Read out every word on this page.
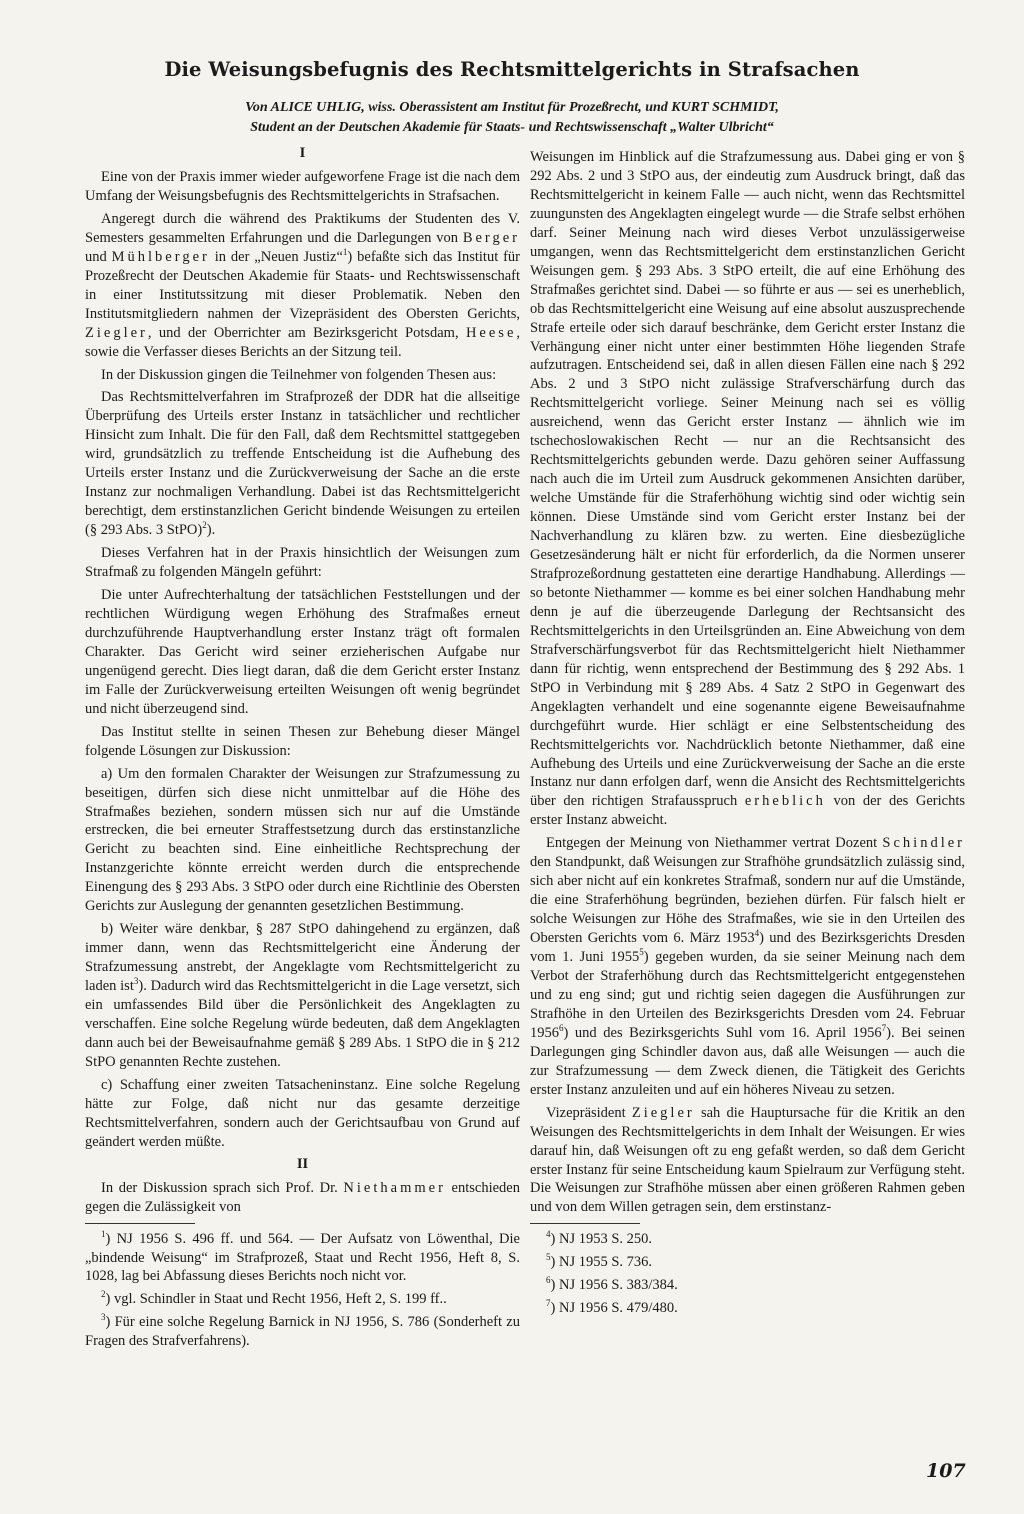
Die Weisungsbefugnis des Rechtsmittelgerichts in Strafsachen
Von ALICE UHLIG, wiss. Oberassistent am Institut für Prozeßrecht, und KURT SCHMIDT,
Student an der Deutschen Akademie für Staats- und Rechtswissenschaft „Walter Ulbricht“
I

Eine von der Praxis immer wieder aufgeworfene Frage ist die nach dem Umfang der Weisungsbefugnis des Rechtsmittelgerichts in Strafsachen.

Angeregt durch die während des Praktikums der Studenten des V. Semesters gesammelten Erfahrungen und die Darlegungen von Berger und Mühlberger in der „Neuen Justiz“$^1$) befaßte sich das Institut für Prozeßrecht der Deutschen Akademie für Staats- und Rechtswissenschaft in einer Institutssitzung mit dieser Problematik. Neben den Institutsmitgliedern nahmen der Vizepräsident des Obersten Gerichts, Ziegler, und der Oberrichter am Bezirksgericht Potsdam, Heese, sowie die Verfasser dieses Berichts an der Sitzung teil.

In der Diskussion gingen die Teilnehmer von folgenden Thesen aus:

Das Rechtsmittelverfahren im Strafprozeß der DDR hat die allseitige Überprüfung des Urteils erster Instanz in tatsächlicher und rechtlicher Hinsicht zum Inhalt. Die für den Fall, daß dem Rechtsmittel stattgegeben wird, grundsätzlich zu treffende Entscheidung ist die Aufhebung des Urteils erster Instanz und die Zurückverweisung der Sache an die erste Instanz zur nochmaligen Verhandlung. Dabei ist das Rechtsmittelgericht berechtigt, dem erstinstanzlichen Gericht bindende Weisungen zu erteilen (§ 293 Abs. 3 StPO)$^2$).

Dieses Verfahren hat in der Praxis hinsichtlich der Weisungen zum Strafmaß zu folgenden Mängeln geführt:

Die unter Aufrechterhaltung der tatsächlichen Feststellungen und der rechtlichen Würdigung wegen Erhöhung des Strafmaßes erneut durchzuführende Hauptverhandlung erster Instanz trägt oft formalen Charakter. Das Gericht wird seiner erzieherischen Aufgabe nur ungenügend gerecht. Dies liegt daran, daß die dem Gericht erster Instanz im Falle der Zurückverweisung erteilten Weisungen oft wenig begründet und nicht überzeugend sind.

Das Institut stellte in seinen Thesen zur Behebung dieser Mängel folgende Lösungen zur Diskussion:

a) Um den formalen Charakter der Weisungen zur Strafzumessung zu beseitigen, dürfen sich diese nicht unmittelbar auf die Höhe des Strafmaßes beziehen, sondern müssen sich nur auf die Umstände erstrecken, die bei erneuter Straffestsetzung durch das erstinstanzliche Gericht zu beachten sind. Eine einheitliche Rechtsprechung der Instanzgerichte könnte erreicht werden durch die entsprechende Einengung des § 293 Abs. 3 StPO oder durch eine Richtlinie des Obersten Gerichts zur Auslegung der genannten gesetzlichen Bestimmung.

b) Weiter wäre denkbar, § 287 StPO dahingehend zu ergänzen, daß immer dann, wenn das Rechtsmittelgericht eine Änderung der Strafzumessung anstrebt, der Angeklagte vom Rechtsmittelgericht zu laden ist$^3$). Dadurch wird das Rechtsmittelgericht in die Lage versetzt, sich ein umfassendes Bild über die Persönlichkeit des Angeklagten zu verschaffen. Eine solche Regelung würde bedeuten, daß dem Angeklagten dann auch bei der Beweisaufnahme gemäß § 289 Abs. 1 StPO die in § 212 StPO genannten Rechte zustehen.

c) Schaffung einer zweiten Tatsacheninstanz. Eine solche Regelung hätte zur Folge, daß nicht nur das gesamte derzeitige Rechtsmittelverfahren, sondern auch der Gerichtsaufbau von Grund auf geändert werden müßte.

II

In der Diskussion sprach sich Prof. Dr. Niethammer entschieden gegen die Zulässigkeit von

$^1$) NJ 1956 S. 496 ff. und 564. — Der Aufsatz von Löwenthal, Die „bindende Weisung“ im Strafprozeß, Staat und Recht 1956, Heft 8, S. 1028, lag bei Abfassung dieses Berichts noch nicht vor.

$^2$) vgl. Schindler in Staat und Recht 1956, Heft 2, S. 199 ff..

$^3$) Für eine solche Regelung Barnick in NJ 1956, S. 786 (Sonderheft zu Fragen des Strafverfahrens).

Weisungen im Hinblick auf die Strafzumessung aus. Dabei ging er von § 292 Abs. 2 und 3 StPO aus, der eindeutig zum Ausdruck bringt, daß das Rechtsmittelgericht in keinem Falle — auch nicht, wenn das Rechtsmittel zuungunsten des Angeklagten eingelegt wurde — die Strafe selbst erhöhen darf. Seiner Meinung nach wird dieses Verbot unzulässigerweise umgangen, wenn das Rechtsmittelgericht dem erstinstanzlichen Gericht Weisungen gem. § 293 Abs. 3 StPO erteilt, die auf eine Erhöhung des Strafmaßes gerichtet sind. Dabei — so führte er aus — sei es unerheblich, ob das Rechtsmittelgericht eine Weisung auf eine absolut auszusprechende Strafe erteile oder sich darauf beschränke, dem Gericht erster Instanz die Verhängung einer nicht unter einer bestimmten Höhe liegenden Strafe aufzutragen. Entscheidend sei, daß in allen diesen Fällen eine nach § 292 Abs. 2 und 3 StPO nicht zulässige Strafverschärfung durch das Rechtsmittelgericht vorliege. Seiner Meinung nach sei es völlig ausreichend, wenn das Gericht erster Instanz — ähnlich wie im tschechoslowakischen Recht — nur an die Rechtsansicht des Rechtsmittelgerichts gebunden werde. Dazu gehören seiner Auffassung nach auch die im Urteil zum Ausdruck gekommenen Ansichten darüber, welche Umstände für die Straferhöhung wichtig sind oder wichtig sein können. Diese Umstände sind vom Gericht erster Instanz bei der Nachverhandlung zu klären bzw. zu werten. Eine diesbezügliche Gesetzesänderung hält er nicht für erforderlich, da die Normen unserer Strafprozeßordnung gestatteten eine derartige Handhabung. Allerdings — so betonte Niethammer — komme es bei einer solchen Handhabung mehr denn je auf die überzeugende Darlegung der Rechtsansicht des Rechtsmittelgerichts in den Urteilsgründen an. Eine Abweichung von dem Strafverschärfungsverbot für das Rechtsmittelgericht hielt Niethammer dann für richtig, wenn entsprechend der Bestimmung des § 292 Abs. 1 StPO in Verbindung mit § 289 Abs. 4 Satz 2 StPO in Gegenwart des Angeklagten verhandelt und eine sogenannte eigene Beweisaufnahme durchgeführt wurde. Hier schlägt er eine Selbstentscheidung des Rechtsmittelgerichts vor. Nachdrücklich betonte Niethammer, daß eine Aufhebung des Urteils und eine Zurückverweisung der Sache an die erste Instanz nur dann erfolgen darf, wenn die Ansicht des Rechtsmittelgerichts über den richtigen Strafausspruch erheblich von der des Gerichts erster Instanz abweicht.

Entgegen der Meinung von Niethammer vertrat Dozent Schindler den Standpunkt, daß Weisungen zur Strafhöhe grundsätzlich zulässig sind, sich aber nicht auf ein konkretes Strafmaß, sondern nur auf die Umstände, die eine Straferhöhung begründen, beziehen dürfen. Für falsch hielt er solche Weisungen zur Höhe des Strafmaßes, wie sie in den Urteilen des Obersten Gerichts vom 6. März 1953$^4$) und des Bezirksgerichts Dresden vom 1. Juni 1955$^5$) gegeben wurden, da sie seiner Meinung nach dem Verbot der Straferhöhung durch das Rechtsmittelgericht entgegenstehen und zu eng sind; gut und richtig seien dagegen die Ausführungen zur Strafhöhe in den Urteilen des Bezirksgerichts Dresden vom 24. Februar 1956$^6$) und des Bezirksgerichts Suhl vom 16. April 1956$^7$). Bei seinen Darlegungen ging Schindler davon aus, daß alle Weisungen — auch die zur Strafzumessung — dem Zweck dienen, die Tätigkeit des Gerichts erster Instanz anzuleiten und auf ein höheres Niveau zu setzen.

Vizepräsident Ziegler sah die Hauptursache für die Kritik an den Weisungen des Rechtsmittelgerichts in dem Inhalt der Weisungen. Er wies darauf hin, daß Weisungen oft zu eng gefaßt werden, so daß dem Gericht erster Instanz für seine Entscheidung kaum Spielraum zur Verfügung steht. Die Weisungen zur Strafhöhe müssen aber einen größeren Rahmen geben und von dem Willen getragen sein, dem erstinstanz-

$^4$) NJ 1953 S. 250.

$^5$) NJ 1955 S. 736.

$^6$) NJ 1956 S. 383/384.

$^7$) NJ 1956 S. 479/480.

107
